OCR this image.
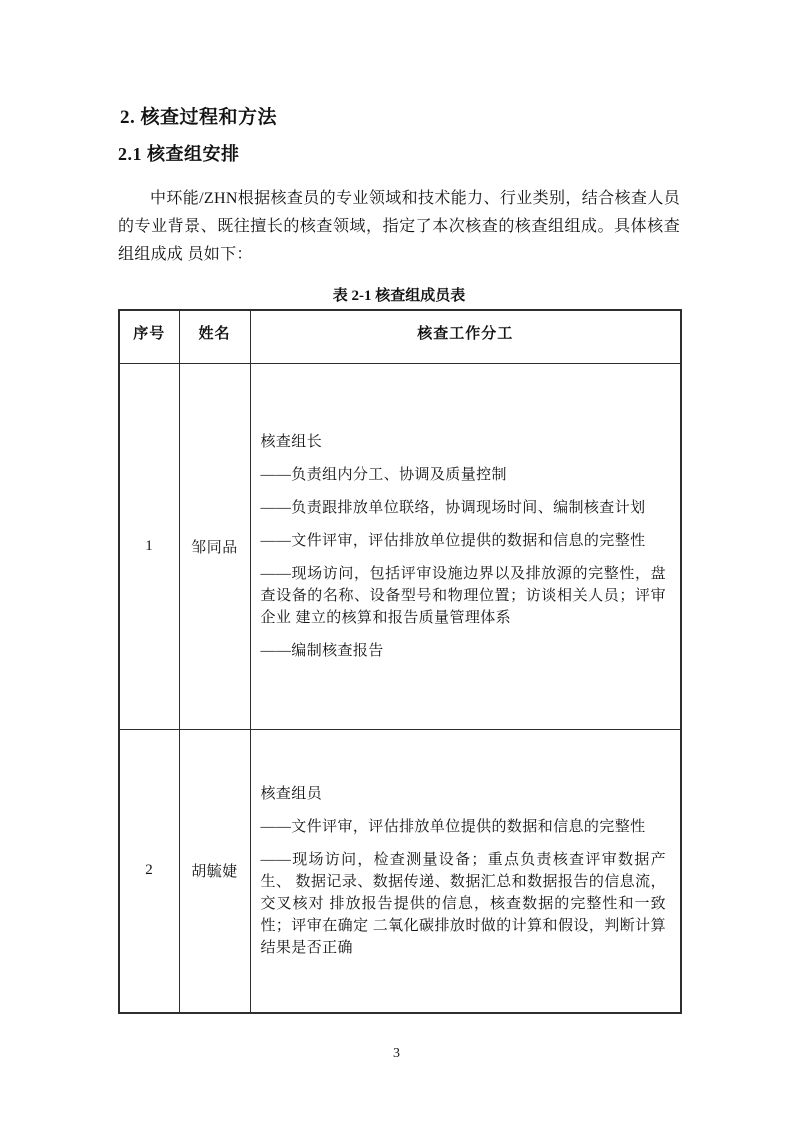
2. 核查过程和方法
2.1 核查组安排

中环能/ZHN根据核查员的专业领域和技术能力、行业类别，结合核查人员的专业背景、既往擅长的核查领域，指定了本次核查的核查组组成。具体核查组组成成 员如下：

表 2-1 核查组成员表
序号	姓名	核查工作分工
1	邹同品	

核查组长

——负责组内分工、协调及质量控制

——负责跟排放单位联络，协调现场时间、编制核查计划

——文件评审，评估排放单位提供的数据和信息的完整性

——现场访问，包括评审设施边界以及排放源的完整性，盘 查设备的名称、设备型号和物理位置；访谈相关人员；评审企业 建立的核算和报告质量管理体系

——编制核查报告

2	胡毓婕	核查组员

——文件评审，评估排放单位提供的数据和信息的完整性

——现场访问，检查测量设备；重点负责核查评审数据产生、 数据记录、数据传递、数据汇总和数据报告的信息流，交叉核对 排放报告提供的信息，核查数据的完整性和一致性；评审在确定 二氧化碳排放时做的计算和假设，判断计算结果是否正确

3
